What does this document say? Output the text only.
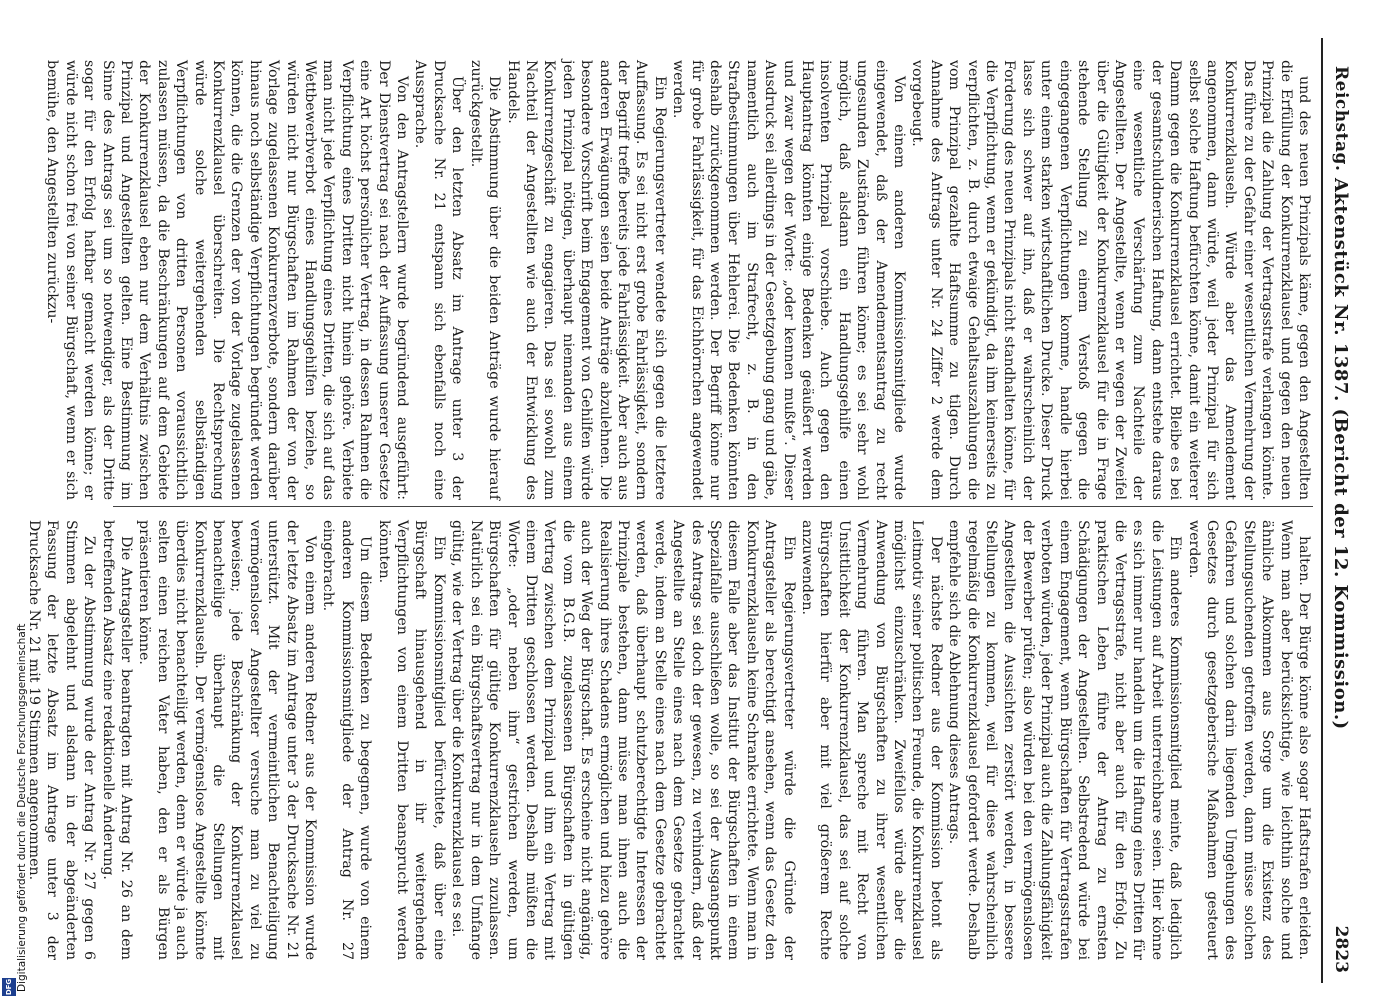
Reichstag.
Aktenstück Nr. 1387. (Bericht der 12. Kommission.)
2823

und des neuen Prinzipals käme, gegen den Angestellten die Erfüllung der Konkurrenzklausel und gegen den neuen Prinzipal die Zahlung der Vertragsstrafe verlangen könnte. Das führe zu der Gefahr einer wesentlichen Vermehrung der Konkurrenzklauseln. Würde aber das Amendement angenommen, dann würde, weil jeder Prinzipal für sich selbst solche Haftung befürchten könne, damit ein weiterer Damm gegen die Konkurrenzklausel errichtet. Bleibe es bei der gesamtschuldnerischen Haftung, dann entstehe daraus eine wesentliche Verschärfung zum Nachteile der Angestellten. Der Angestellte, wenn er wegen der Zweifel über die Gültigkeit der Konkurrenzklausel für die in Frage stehende Stellung zu einem Verstoß gegen die eingegangenen Verpflichtungen komme, handle hierbei unter einem starken wirtschaftlichen Drucke. Dieser Druck lasse sich schwer auf ihn, daß er wahrscheinlich der Forderung des neuen Prinzipals nicht standhalten könne, für die Verpflichtung, wenn er gekündigt, da ihm keinerseits zu verpflichten, z. B. durch etwaige Gehaltsauszahlungen die vom Prinzipal gezahlte Haftsumme zu tilgen. Durch Annahme des Antrags unter Nr. 24 Ziffer 2 werde dem vorgebeugt.

Von einem anderen Kommissionsmitgliede wurde eingewendet, daß der Amendementsantrag zu recht ungesunden Zuständen führen könne; es sei sehr wohl möglich, daß alsdann ein Handlungsgehilfe einen insolventen Prinzipal vorschiebe. Auch gegen den Hauptantrag könnten einige Bedenken geäußert werden und zwar wegen der Worte: „oder kennen mußte“. Dieser Ausdruck sei allerdings in der Gesetzgebung gang und gäbe, namentlich auch im Strafrecht, z. B. in den Strafbestimmungen über Hehlerei. Die Bedenken könnten deshalb zurückgenommen werden. Der Begriff könne nur für grobe Fahrlässigkeit, für das Eichhörnchen angewendet werden.

Ein Regierungsvertreter wendete sich gegen die letztere Auffassung. Es sei nicht erst grobe Fahrlässigkeit, sondern der Begriff treffe bereits jede Fahrlässigkeit. Aber auch aus anderen Erwägungen seien beide Anträge abzulehnen. Die besondere Vorschrift beim Engagement von Gehilfen würde jeden Prinzipal nötigen, überhaupt niemanden aus einem Konkurrenzgeschäft zu engagieren. Das sei sowohl zum Nachteil der Angestellten wie auch der Entwicklung des Handels.

Die Abstimmung über die beiden Anträge wurde hierauf zurückgestellt.

Über den letzten Absatz im Antrage unter 3 der Drucksache Nr. 21 entspann sich ebenfalls noch eine Aussprache.

Von den Antragstellern wurde begründend ausgeführt: Der Dienstvertrag sei nach der Auffassung unserer Gesetze eine Art höchst persönlicher Vertrag, in dessen Rahmen die Verpflichtung eines Dritten nicht hinein gehöre. Verbiete man nicht jede Verpflichtung eines Dritten, die sich auf das Wettbewerbverbot eines Handlungsgehilfen beziehe, so würden nicht nur Bürgschaften im Rahmen der von der Vorlage zugelassenen Konkurrenzverbote, sondern darüber hinaus noch selbständige Verpflichtungen begründet werden können, die die Grenzen der von der Vorlage zugelassenen Konkurrenzklausel überschreiten. Die Rechtsprechung würde solche weitergehenden selbständigen Verpflichtungen von dritten Personen voraussichtlich zulassen müssen, da die Beschränkungen auf dem Gebiete der Konkurrenzklausel eben nur dem Verhältnis zwischen Prinzipal und Angestellten gelten. Eine Bestimmung im Sinne des Antrags sei um so notwendiger, als der Dritte sogar für den Erfolg haftbar gemacht werden könne; er würde nicht schon frei von seiner Bürgschaft, wenn er sich bemühe, den Angestellten zurückzu-

halten. Der Bürge könne also sogar Haftstrafen erleiden. Wenn man aber berücksichtige, wie leichthin solche und ähnliche Abkommen aus Sorge um die Existenz des Stellungsuchenden getroffen werden, dann müsse solchen Gefahren und solchen darin liegenden Umgehungen des Gesetzes durch gesetzgeberische Maßnahmen gesteuert werden.

Ein anderes Kommissionsmitglied meinte, daß lediglich die Leistungen auf Arbeit unterreichbare seien. Hier könne es sich immer nur handeln um die Haftung eines Dritten für die Vertragsstrafe, nicht aber auch für den Erfolg. Zu praktischen Leben führe der Antrag zu ernsten Schädigungen der Angestellten. Selbstredend würde bei einem Engagement, wenn Bürgschaften für Vertragsstrafen verboten würden, jeder Prinzipal auch die Zahlungsfähigkeit der Bewerber prüfen; also würden bei den vermögenslosen Angestellten die Aussichten zerstört werden, in bessere Stellungen zu kommen, weil für diese wahrscheinlich regelmäßig die Konkurrenzklausel gefordert werde. Deshalb empfehle sich die Ablehnung dieses Antrags.

Der nächste Redner aus der Kommission betont als Leitmotiv seiner politischen Freunde, die Konkurrenzklausel möglichst einzuschränken. Zweifellos würde aber die Anwendung von Bürgschaften zu ihrer wesentlichen Vermehrung führen. Man spreche mit Recht von Unsittlichkeit der Konkurrenzklausel, das sei auf solche Bürgschaften hierfür aber mit viel größerem Rechte anzuwenden.

Ein Regierungsvertreter würde die Gründe der Antragsteller als berechtigt ansehen, wenn das Gesetz den Konkurrenzklauseln keine Schranke errichtete. Wenn man in diesem Falle aber das Institut der Bürgschaften in einem Spezialfalle ausschließen wolle, so sei der Ausgangspunkt des Antrags sei doch der gewesen, zu verhindern, daß der Angestellte an Stelle eines nach dem Gesetze gebrachtet werde, indem an Stelle eines nach dem Gesetze gebrachtet werden, daß überhaupt schutzberechtigte Interessen der Prinzipale bestehen, dann müsse man ihnen auch die Realisierung ihres Schadens ermöglichen und hiezu gehöre auch der Weg der Bürgschaft. Es erscheine nicht angängig, die vom B.G.B. zugelassenen Bürgschaften in gültigen Vertrag zwischen dem Prinzipal und ihm ein Vertrag mit einem Dritten geschlossen werden. Deshalb müßten die Worte: „oder neben ihm“ gestrichen werden, um Bürgschaften für gültige Konkurrenzklauseln zuzulassen. Natürlich sei ein Bürgschaftsvertrag nur in dem Umfange gültig, wie der Vertrag über die Konkurrenzklausel es sei.

Ein Kommissionsmitglied befürchtete, daß über eine Bürgschaft hinausgehend in ihr weitergehende Verpflichtungen von einem Dritten beansprucht werden könnten.

Um diesem Bedenken zu begegnen, wurde von einem anderen Kommissionsmitgliede der Antrag Nr. 27 eingebracht.

Von einem anderen Redner aus der Kommission wurde der letzte Absatz im Antrage unter 3 der Drucksache Nr. 21 unterstützt. Mit der vermeintlichen Benachteiligung vermögensloser Angestellter versuche man zu viel zu beweisen; jede Beschränkung der Konkurrenzklausel benachteilige überhaupt die Stellungen mit Konkurrenzklauseln. Der vermögenslose Angestellte könnte überdies nicht benachteiligt werden, denn er würde ja auch selten einen reichen Vater haben, den er als Bürgen präsentieren könne.

Die Antragsteller beantragten mit Antrag Nr. 26 an dem betreffenden Absatz eine redaktionelle Änderung.

Zu der Abstimmung wurde der Antrag Nr. 27 gegen 6 Stimmen abgelehnt und alsdann in der abgeänderten Fassung der letzte Absatz im Antrage unter 3 der Drucksache Nr. 21 mit 19 Stimmen angenommen.

Digitalisierung gefördert durch die Deutsche Forschungsgemeinschaft
DFG
